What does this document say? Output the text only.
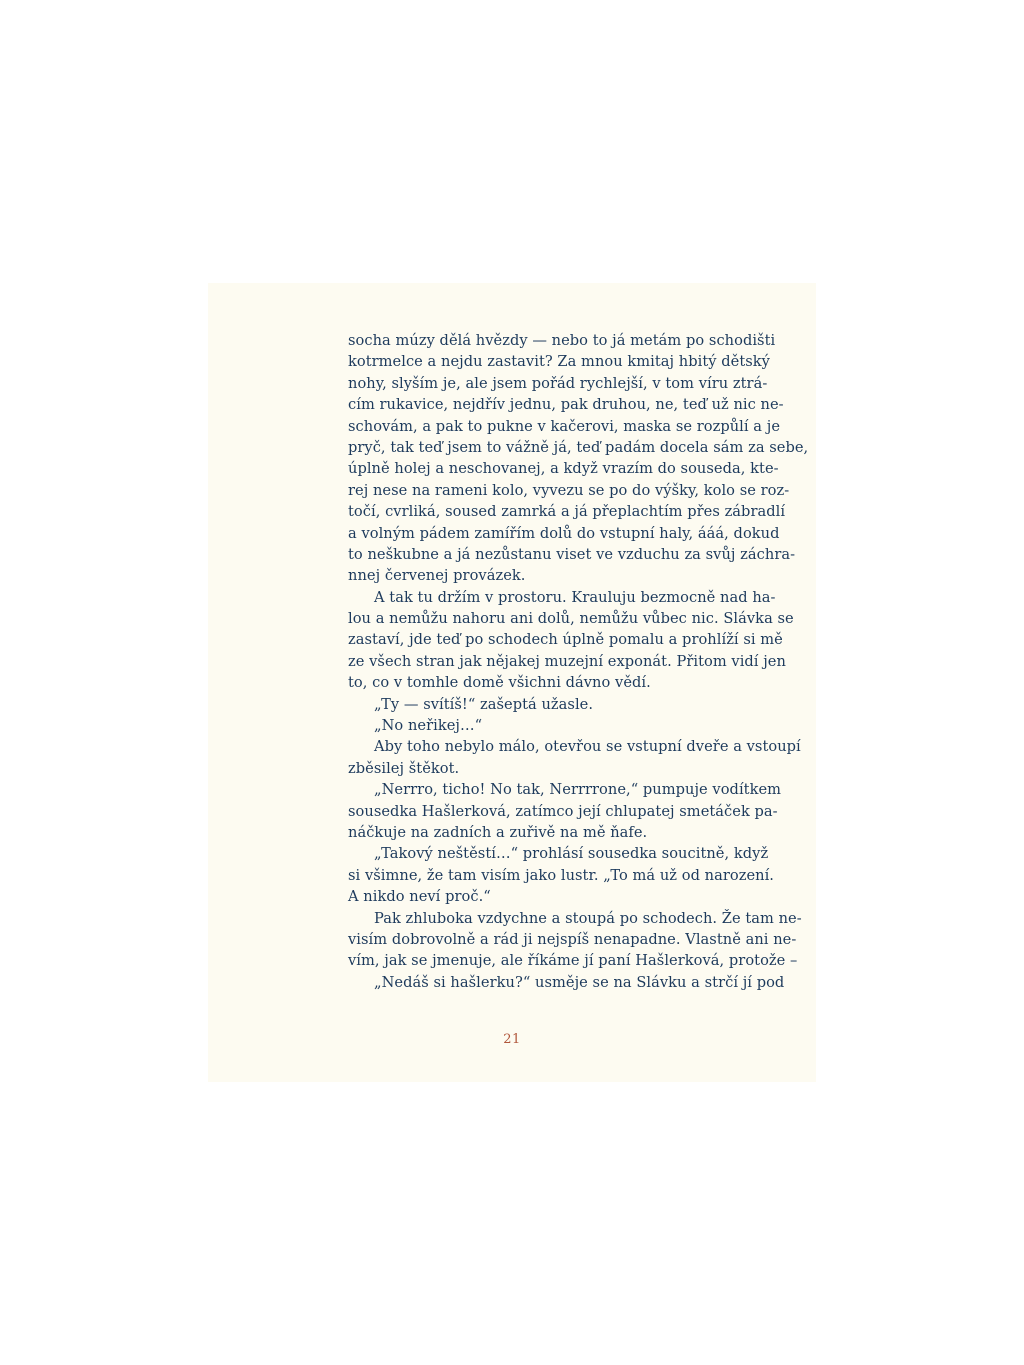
socha múzy dělá hvězdy — nebo to já metám po schodišti
kotrmelce a nejdu zastavit? Za mnou kmitaj hbitý dětský
nohy, slyším je, ale jsem pořád rychlejší, v tom víru ztrá-
cím rukavice, nejdřív jednu, pak druhou, ne, teď už nic ne-
schovám, a pak to pukne v kačerovi, maska se rozpůlí a je
pryč, tak teď jsem to vážně já, teď padám docela sám za sebe,
úplně holej a neschovanej, a když vrazím do souseda, kte-
rej nese na rameni kolo, vyvezu se po do výšky, kolo se roz-
točí, cvrliká, soused zamrká a já přeplachtím přes zábradlí
a volným pádem zamířím dolů do vstupní haly, ááá, dokud
to neškubne a já nezůstanu viset ve vzduchu za svůj záchra-
nnej červenej provázek.
A tak tu držím v prostoru. Krauluju bezmocně nad ha-
lou a nemůžu nahoru ani dolů, nemůžu vůbec nic. Slávka se
zastaví, jde teď po schodech úplně pomalu a prohlíží si mě
ze všech stran jak nějakej muzejní exponát. Přitom vidí jen
to, co v tomhle domě všichni dávno vědí.
„Ty — svítíš!“ zašeptá užasle.
„No neřikej…“
Aby toho nebylo málo, otevřou se vstupní dveře a vstoupí
zběsilej štěkot.
„Nerrro, ticho! No tak, Nerrrrone,“ pumpuje vodítkem
sousedka Hašlerková, zatímco její chlupatej smetáček pa-
náčkuje na zadních a zuřivě na mě ňafe.
„Takový neštěstí…“ prohlásí sousedka soucitně, když
si všimne, že tam visím jako lustr. „To má už od narození.
A nikdo neví proč.“
Pak zhluboka vzdychne a stoupá po schodech. Že tam ne-
visím dobrovolně a rád ji nejspíš nenapadne. Vlastně ani ne-
vím, jak se jmenuje, ale říkáme jí paní Hašlerková, protože –
„Nedáš si hašlerku?“ usměje se na Slávku a strčí jí pod
21
